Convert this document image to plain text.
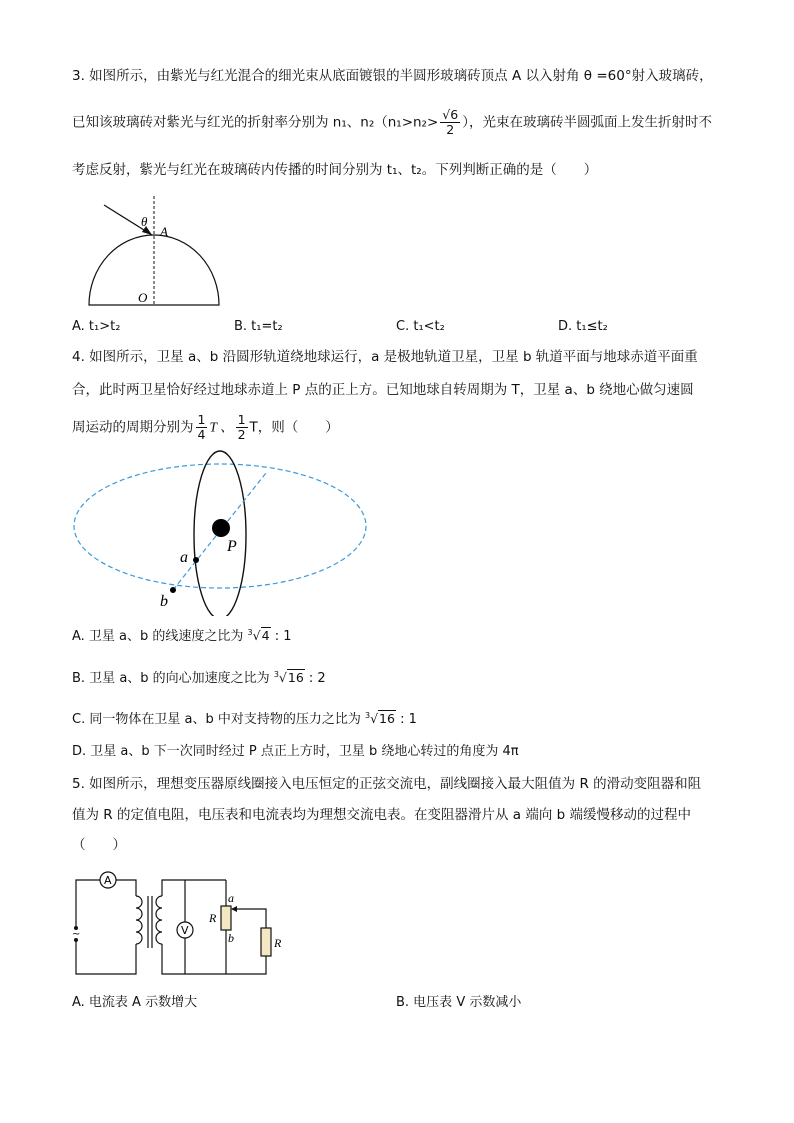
3. 如图所示，由紫光与红光混合的细光束从底面镀银的半圆形玻璃砖顶点 A 以入射角 θ =60°射入玻璃砖，
已知该玻璃砖对紫光与红光的折射率分别为 n₁、$n_2(n_1>n_2> \frac{√6}{2}$ ），光束在玻璃砖半圆弧面上发生折射时不
考虑反射，紫光与红光在玻璃砖内传播的时间分别为 t₁、t₂。下列判断正确的是（　　）
θ
A
O
A. t₁>t₂	B. t₁=t₂	C. t₁<t₂	D. t₁≤t₂
4. 如图所示，卫星 a、b 沿圆形轨道绕地球运行，a 是极地轨道卫星，卫星 b 轨道平面与地球赤道平面重
合，此时两卫星恰好经过地球赤道上 P 点的正上方。已知地球自转周期为 T，卫星 a、b 绕地心做匀速圆
周运动的周期分别为 $\frac{1}{4}$ T 、 $\frac{1}{2}$ T，则（　　）
P
a
b
A. 卫星 a、b 的线速度之比为 $^3$√4 : 1
B. 卫星 a、b 的向心加速度之比为 $^3$√16 : 2
C. 同一物体在卫星 a、b 中对支持物的压力之比为 $^3$√16 : 1
D. 卫星 a、b 下一次同时经过 P 点正上方时，卫星 b 绕地心转过的角度为 4π
5. 如图所示，理想变压器原线圈接入电压恒定的正弦交流电，副线圈接入最大阻值为 R 的滑动变阻器和阻
值为 R 的定值电阻，电压表和电流表均为理想交流电表。在变阻器滑片从 a 端向 b 端缓慢移动的过程中
（　　）
A
~	V
R
a
b	R
A. 电流表 A 示数增大	B. 电压表 V 示数减小
